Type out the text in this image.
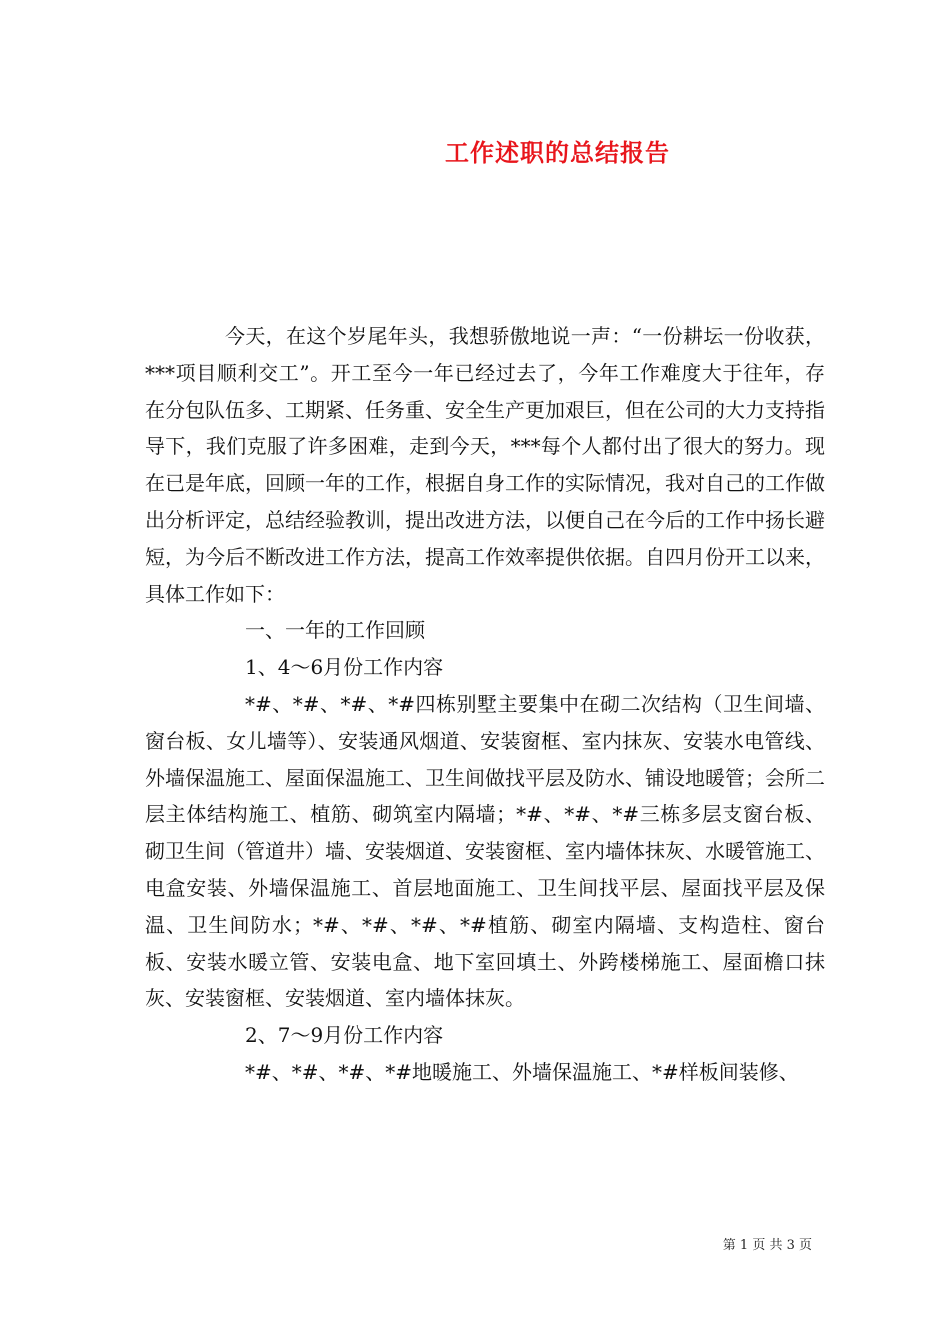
工作述职的总结报告

今天，在这个岁尾年头，我想骄傲地说一声：“一份耕坛一份收获，***项目顺利交工”。开工至今一年已经过去了，今年工作难度大于往年，存在分包队伍多、工期紧、任务重、安全生产更加艰巨，但在公司的大力支持指导下，我们克服了许多困难，走到今天，***每个人都付出了很大的努力。现在已是年底，回顾一年的工作，根据自身工作的实际情况，我对自己的工作做出分析评定，总结经验教训，提出改进方法，以便自己在今后的工作中扬长避短，为今后不断改进工作方法，提高工作效率提供依据。自四月份开工以来，具体工作如下：

一、一年的工作回顾

1、4～6月份工作内容

*#、*#、*#、*#四栋别墅主要集中在砌二次结构（卫生间墙、窗台板、女儿墙等）、安装通风烟道、安装窗框、室内抹灰、安装水电管线、外墙保温施工、屋面保温施工、卫生间做找平层及防水、铺设地暖管；会所二层主体结构施工、植筋、砌筑室内隔墙；*#、*#、*#三栋多层支窗台板、砌卫生间（管道井）墙、安装烟道、安装窗框、室内墙体抹灰、水暖管施工、电盒安装、外墙保温施工、首层地面施工、卫生间找平层、屋面找平层及保温、卫生间防水；*#、*#、*#、*#植筋、砌室内隔墙、支构造柱、窗台板、安装水暖立管、安装电盒、地下室回填土、外跨楼梯施工、屋面檐口抹灰、安装窗框、安装烟道、室内墙体抹灰。

2、7～9月份工作内容

*#、*#、*#、*#地暖施工、外墙保温施工、*#样板间装修、

第 1 页 共 3 页
